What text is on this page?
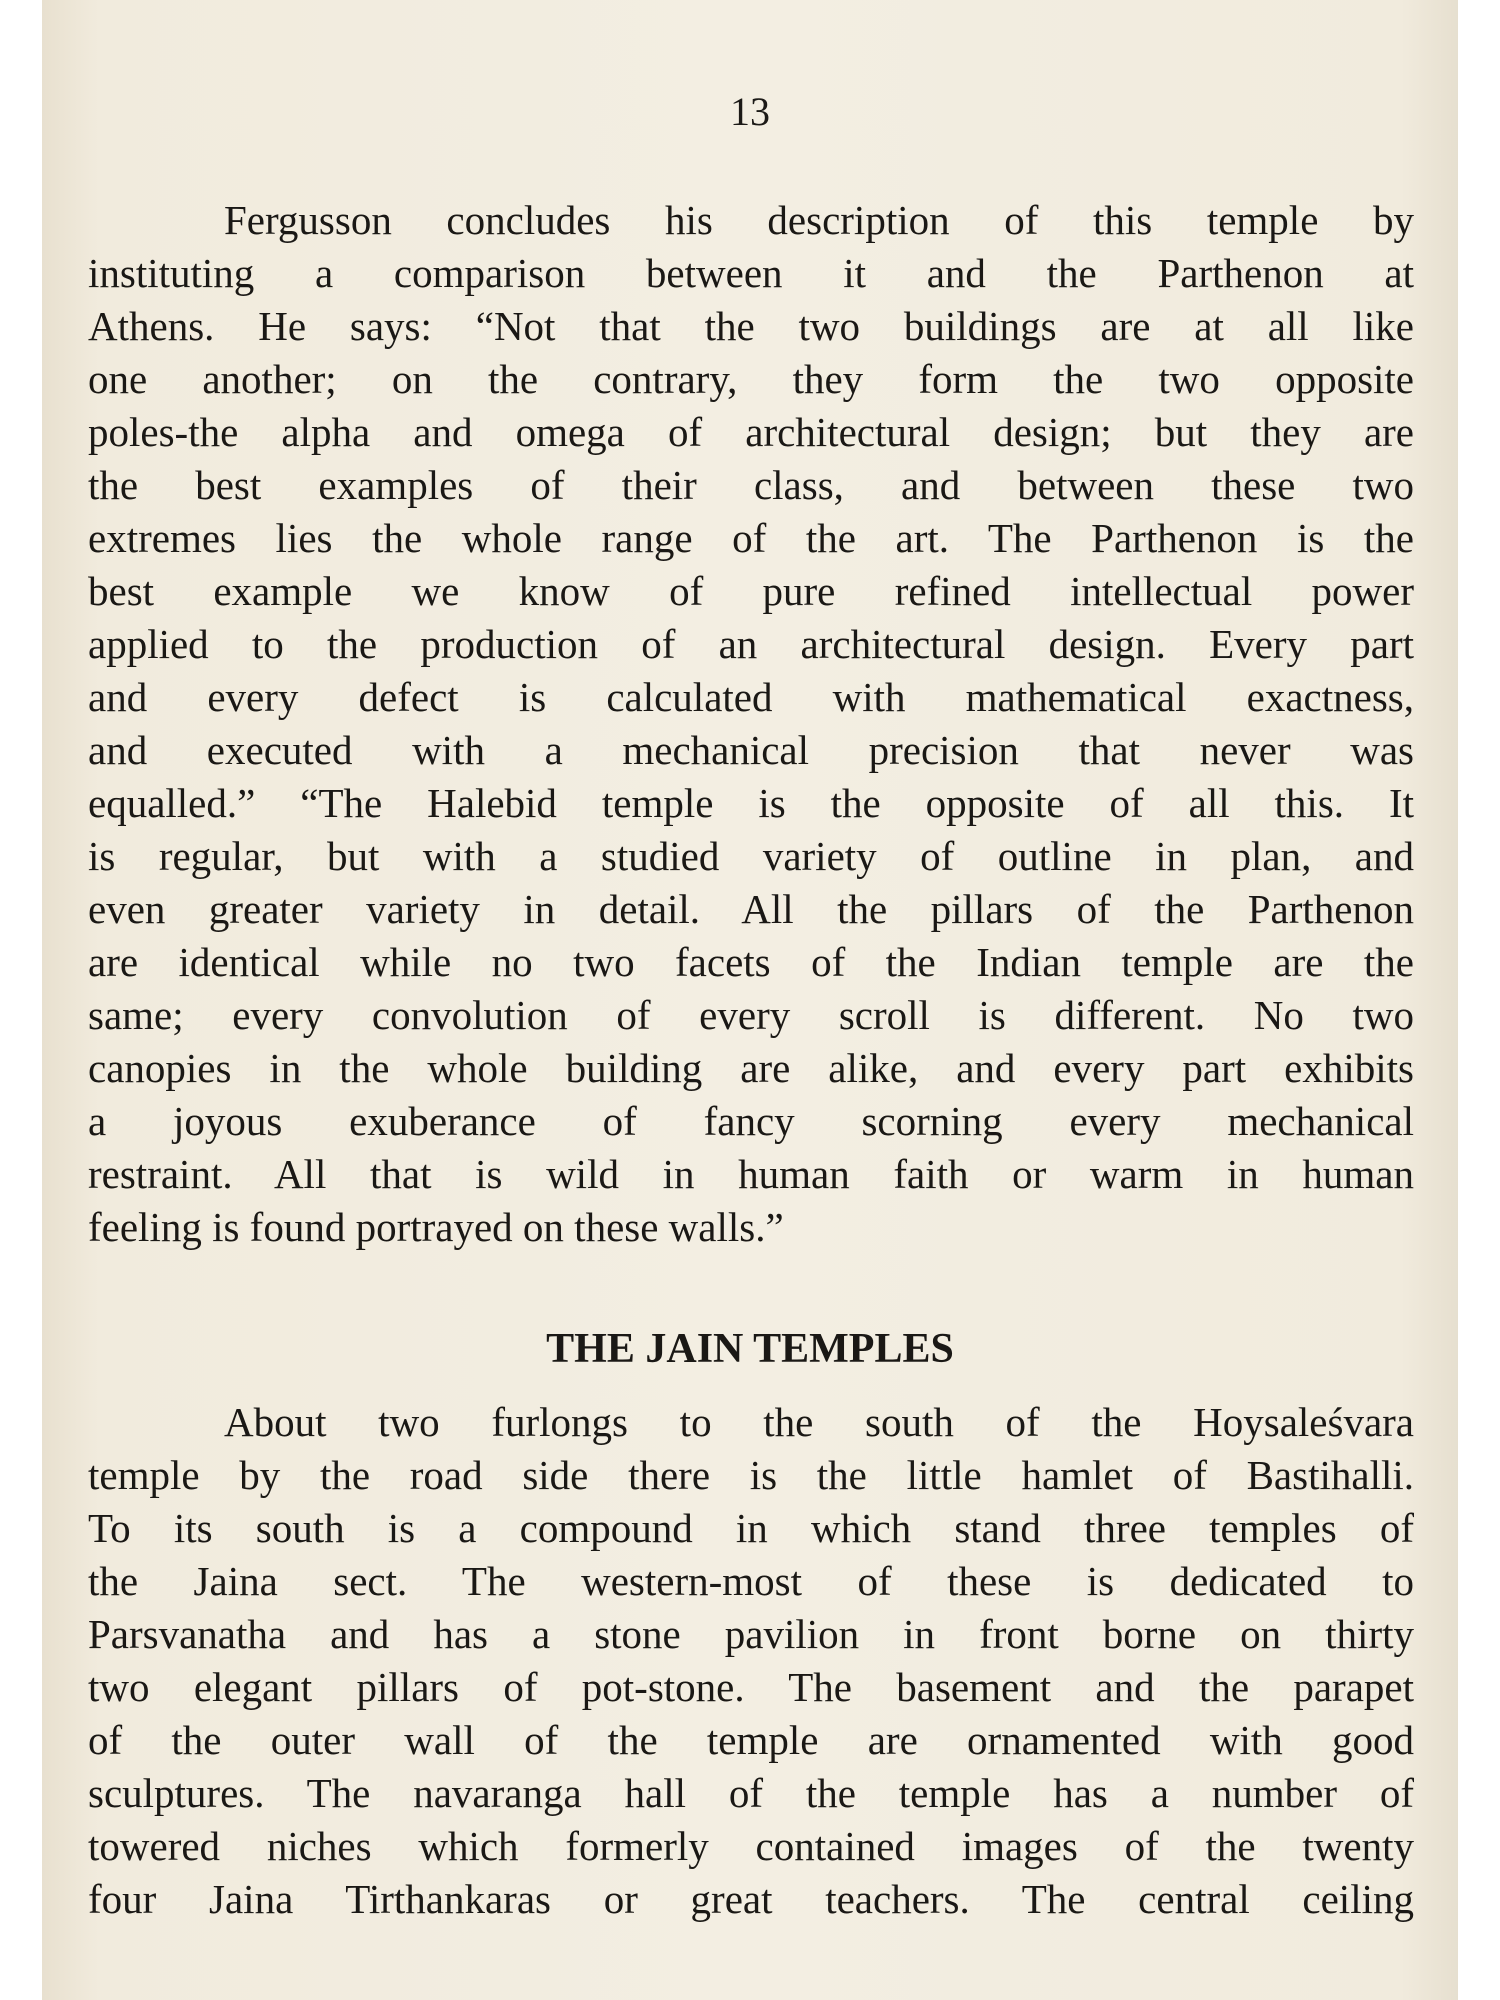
13
Fergusson concludes his description of this temple by
instituting a comparison between it and the Parthenon at
Athens. He says: “Not that the two buildings are at all like
one another; on the contrary, they form the two opposite
poles-the alpha and omega of architectural design; but they are
the best examples of their class, and between these two
extremes lies the whole range of the art. The Parthenon is the
best example we know of pure refined intellectual power
applied to the production of an architectural design. Every part
and every defect is calculated with mathematical exactness,
and executed with a mechanical precision that never was
equalled.” “The Halebid temple is the opposite of all this. It
is regular, but with a studied variety of outline in plan, and
even greater variety in detail. All the pillars of the Parthenon
are identical while no two facets of the Indian temple are the
same; every convolution of every scroll is different. No two
canopies in the whole building are alike, and every part exhibits
a joyous exuberance of fancy scorning every mechanical
restraint. All that is wild in human faith or warm in human
feeling is found portrayed on these walls.”
THE JAIN TEMPLES
About two furlongs to the south of the Hoysaleśvara
temple by the road side there is the little hamlet of Bastihalli.
To its south is a compound in which stand three temples of
the Jaina sect. The western-most of these is dedicated to
Parsvanatha and has a stone pavilion in front borne on thirty
two elegant pillars of pot-stone. The basement and the parapet
of the outer wall of the temple are ornamented with good
sculptures. The navaranga hall of the temple has a number of
towered niches which formerly contained images of the twenty
four Jaina Tirthankaras or great teachers. The central ceiling
